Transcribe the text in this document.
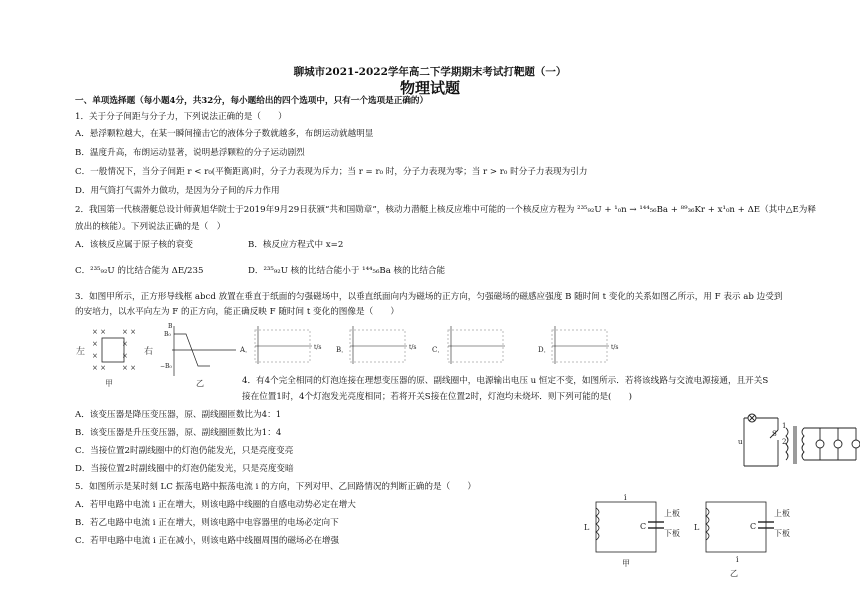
聊城市2021-2022学年高二下学期期末考试打靶题（一）
物理试题
一、单项选择题（每小题4分，共32分，每小题给出的四个选项中，只有一个选项是正确的）
1．关于分子间距与分子力，下列说法正确的是（　　）
A．悬浮颗粒越大，在某一瞬间撞击它的液体分子数就越多，布朗运动就越明显
B．温度升高，布朗运动显著，说明悬浮颗粒的分子运动剧烈
C．一般情况下，当分子间距 r < r₀(平衡距离)时，分子力表现为斥力；当 r = r₀ 时，分子力表现为零；当 r > r₀ 时分子力表现为引力
D．用气筒打气需外力做功，是因为分子间的斥力作用
2．我国第一代核潜艇总设计师黄旭华院士于2019年9月29日获颁“共和国勋章”，核动力潜艇上核反应堆中可能的一个核反应方程为 ²³⁵₉₂U + ¹₀n → ¹⁴⁴₅₆Ba + ⁸⁹₃₆Kr + x¹₀n + ΔE（其中△E为释
放出的核能）。下列说法正确的是（　）
A．该核反应属于原子核的衰变	B．核反应方程式中 x=2
C．²³⁵₉₂U 的比结合能为 ΔE/235	D．²³⁵₉₂U 核的比结合能小于 ¹⁴⁴₅₆Ba 核的比结合能
3．如图甲所示，正方形导线框 abcd 放置在垂直于纸面的匀强磁场中，以垂直纸面向内为磁场的正方向，匀强磁场的磁感应强度 B 随时间 t 变化的关系如图乙所示，用 F 表示 ab 边受到
的安培力，以水平向左为 F 的正方向，能正确反映 F 随时间 t 变化的图像是（　　）
× × × ×
×	×
×	×
× × × ×
左	右
甲
B₀
−B₀
B
乙
A．	t/s B．	t/s C．	D．	t/s
4．有4个完全相同的灯泡连接在理想变压器的原、副线圈中，电源输出电压 u 恒定不变，如图所示．若将该线路与交流电源接通，且开关S
接在位置1时，4个灯泡发光亮度相同；若将开关S接在位置2时，灯泡均未烧坏．则下列可能的是(　　)
A．该变压器是降压变压器，原、副线圈匝数比为4：1
B．该变压器是升压变压器，原、副线圈匝数比为1：4
C．当接位置2时副线圈中的灯泡仍能发光，只是亮度变亮
D．当接位置2时副线圈中的灯泡仍能发光，只是亮度变暗
1
2
S
u
5．如图所示是某时刻 LC 振荡电路中振荡电流 i 的方向，下列对甲、乙回路情况的判断正确的是（　　）
A．若甲电路中电流 i 正在增大，则该电路中线圈的自感电动势必定在增大
B．若乙电路中电流 i 正在增大，则该电路中电容器里的电场必定向下
C．若甲电路中电流 i 正在减小，则该电路中线圈周围的磁场必在增强
L	C
i
上板
下板
甲
L	C
i
上板
下板
乙
